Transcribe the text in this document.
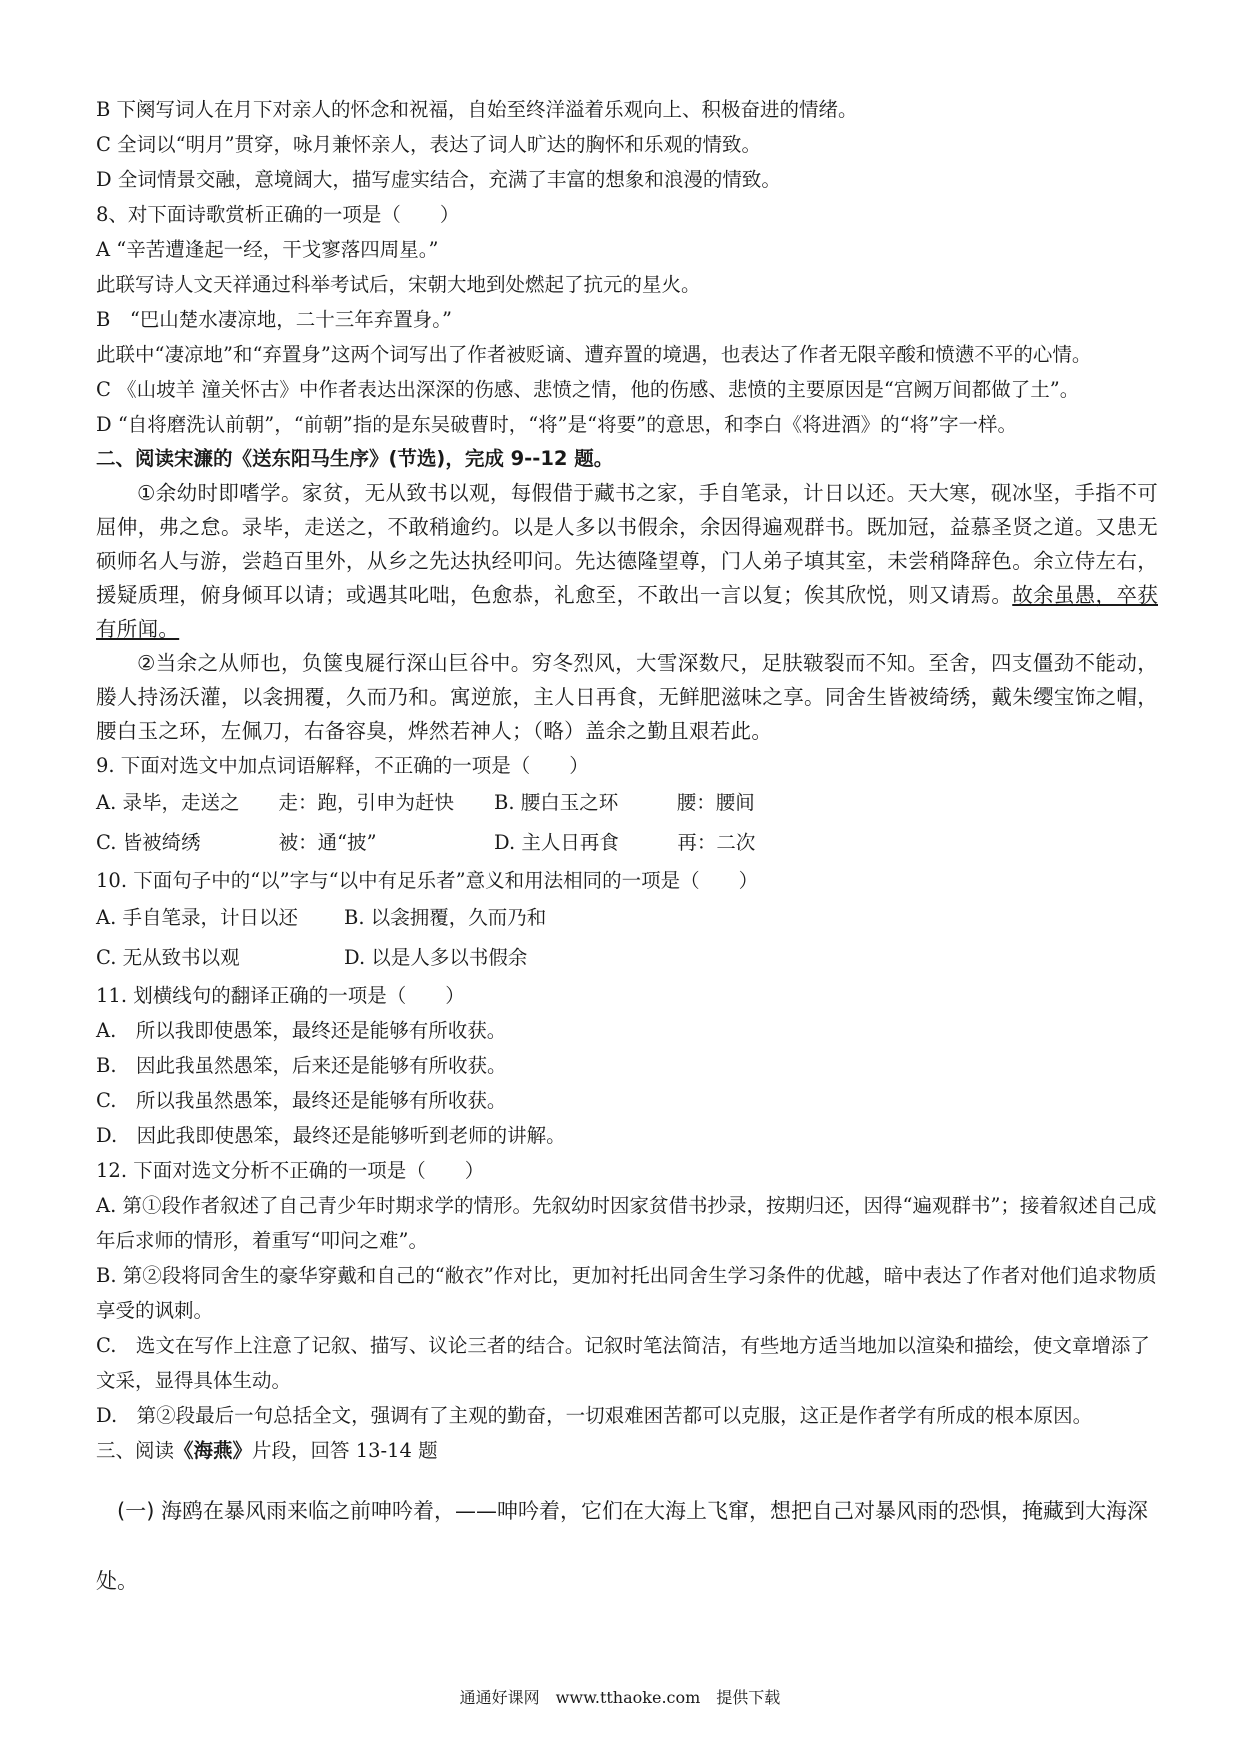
B 下阕写词人在月下对亲人的怀念和祝福，自始至终洋溢着乐观向上、积极奋进的情绪。
C 全词以“明月”贯穿，咏月兼怀亲人，表达了词人旷达的胸怀和乐观的情致。
D 全词情景交融，意境阔大，描写虚实结合，充满了丰富的想象和浪漫的情致。
8、对下面诗歌赏析正确的一项是（　　）
A “辛苦遭逢起一经，干戈寥落四周星。”
此联写诗人文天祥通过科举考试后，宋朝大地到处燃起了抗元的星火。
B　“巴山楚水凄凉地，二十三年弃置身。”
此联中“凄凉地”和“弃置身”这两个词写出了作者被贬谪、遭弃置的境遇，也表达了作者无限辛酸和愤懑不平的心情。
C 《山坡羊 潼关怀古》中作者表达出深深的伤感、悲愤之情，他的伤感、悲愤的主要原因是“宫阙万间都做了土”。
D “自将磨洗认前朝”，“前朝”指的是东吴破曹时，“将”是“将要”的意思，和李白《将进酒》的“将”字一样。
二、阅读宋濂的《送东阳马生序》(节选)，完成 9--12 题。
①余幼时即嗜学。家贫，无从致书以观，每假借于藏书之家，手自笔录，计日以还。天大寒，砚冰坚，手指不可屈伸，弗之怠。录毕，走送之，不敢稍逾约。以是人多以书假余，余因得遍观群书。既加冠，益慕圣贤之道。又患无硕师名人与游，尝趋百里外，从乡之先达执经叩问。先达德隆望尊，门人弟子填其室，未尝稍降辞色。余立侍左右，援疑质理，俯身倾耳以请；或遇其叱咄，色愈恭，礼愈至，不敢出一言以复；俟其欣悦，则又请焉。故余虽愚，卒获有所闻。
②当余之从师也，负箧曳屣行深山巨谷中。穷冬烈风，大雪深数尺，足肤皲裂而不知。至舍，四支僵劲不能动，媵人持汤沃灌，以衾拥覆，久而乃和。寓逆旅，主人日再食，无鲜肥滋味之享。同舍生皆被绮绣，戴朱缨宝饰之帽，腰白玉之环，左佩刀，右备容臭，烨然若神人；（略）盖余之勤且艰若此。
9. 下面对选文中加点词语解释，不正确的一项是（　　）
A. 录毕，走送之　　走：跑，引申为赶快	B. 腰白玉之环　　　腰：腰间
C. 皆被绮绣　　　　被：通“披”	D. 主人日再食　　　再：二次
10. 下面句子中的“以”字与“以中有足乐者”意义和用法相同的一项是（　　）
A. 手自笔录，计日以还	B. 以衾拥覆，久而乃和
C. 无从致书以观	D. 以是人多以书假余
11. 划横线句的翻译正确的一项是（　　）
A.　所以我即使愚笨，最终还是能够有所收获。
B.　因此我虽然愚笨，后来还是能够有所收获。
C.　所以我虽然愚笨，最终还是能够有所收获。
D.　因此我即使愚笨，最终还是能够听到老师的讲解。
12. 下面对选文分析不正确的一项是（　　）
A. 第①段作者叙述了自己青少年时期求学的情形。先叙幼时因家贫借书抄录，按期归还，因得“遍观群书”；接着叙述自己成年后求师的情形，着重写“叩问之难”。
B. 第②段将同舍生的豪华穿戴和自己的“敝衣”作对比，更加衬托出同舍生学习条件的优越，暗中表达了作者对他们追求物质享受的讽刺。
C.　选文在写作上注意了记叙、描写、议论三者的结合。记叙时笔法简洁，有些地方适当地加以渲染和描绘，使文章增添了文采，显得具体生动。
D.　第②段最后一句总括全文，强调有了主观的勤奋，一切艰难困苦都可以克服，这正是作者学有所成的根本原因。
三、阅读《海燕》片段，回答 13-14 题
(一) 海鸥在暴风雨来临之前呻吟着，——呻吟着，它们在大海上飞窜，想把自己对暴风雨的恐惧，掩藏到大海深处。
通通好课网　www.tthaoke.com　提供下载
